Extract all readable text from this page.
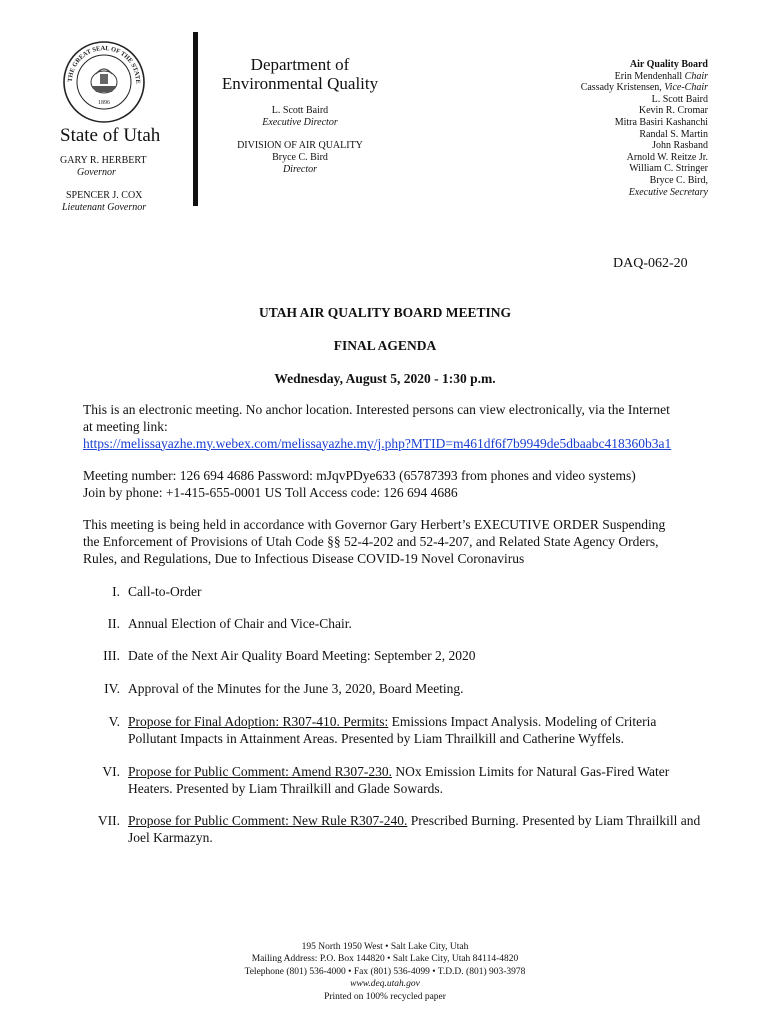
THE GREAT SEAL OF THE STATE
1896
State of Utah
GARY R. HERBERT
Governor
SPENCER J. COX
Lieutenant Governor
Department of
Environmental Quality
L. Scott Baird
Executive Director
DIVISION OF AIR QUALITY
Bryce C. Bird
Director
Air Quality Board
Erin Mendenhall Chair
Cassady Kristensen, Vice-Chair
L. Scott Baird
Kevin R. Cromar
Mitra Basiri Kashanchi
Randal S. Martin
John Rasband
Arnold W. Reitze Jr.
William C. Stringer
Bryce C. Bird,
Executive Secretary
DAQ-062-20
UTAH AIR QUALITY BOARD MEETING
FINAL AGENDA
Wednesday, August 5, 2020 - 1:30 p.m.
This is an electronic meeting. No anchor location. Interested persons can view electronically, via the Internet
at meeting link:
https://melissayazhe.my.webex.com/melissayazhe.my/j.php?MTID=m461df6f7b9949de5dbaabc418360b3a1
Meeting number: 126 694 4686 Password: mJqvPDye633 (65787393 from phones and video systems)
Join by phone: +1-415-655-0001 US Toll Access code: 126 694 4686
This meeting is being held in accordance with Governor Gary Herbert’s EXECUTIVE ORDER Suspending
the Enforcement of Provisions of Utah Code §§ 52-4-202 and 52-4-207, and Related State Agency Orders,
Rules, and Regulations, Due to Infectious Disease COVID-19 Novel Coronavirus
I. Call-to-Order
II. Annual Election of Chair and Vice-Chair.
III. Date of the Next Air Quality Board Meeting: September 2, 2020
IV. Approval of the Minutes for the June 3, 2020, Board Meeting.
V. Propose for Final Adoption: R307-410. Permits: Emissions Impact Analysis. Modeling of Criteria Pollutant Impacts in Attainment Areas. Presented by Liam Thrailkill and Catherine Wyffels.
VI. Propose for Public Comment: Amend R307-230. NOx Emission Limits for Natural Gas-Fired Water Heaters. Presented by Liam Thrailkill and Glade Sowards.
VII. Propose for Public Comment: New Rule R307-240. Prescribed Burning. Presented by Liam Thrailkill and Joel Karmazyn.
195 North 1950 West • Salt Lake City, Utah
Mailing Address: P.O. Box 144820 • Salt Lake City, Utah 84114-4820
Telephone (801) 536-4000 • Fax (801) 536-4099 • T.D.D. (801) 903-3978
www.deq.utah.gov
Printed on 100% recycled paper
